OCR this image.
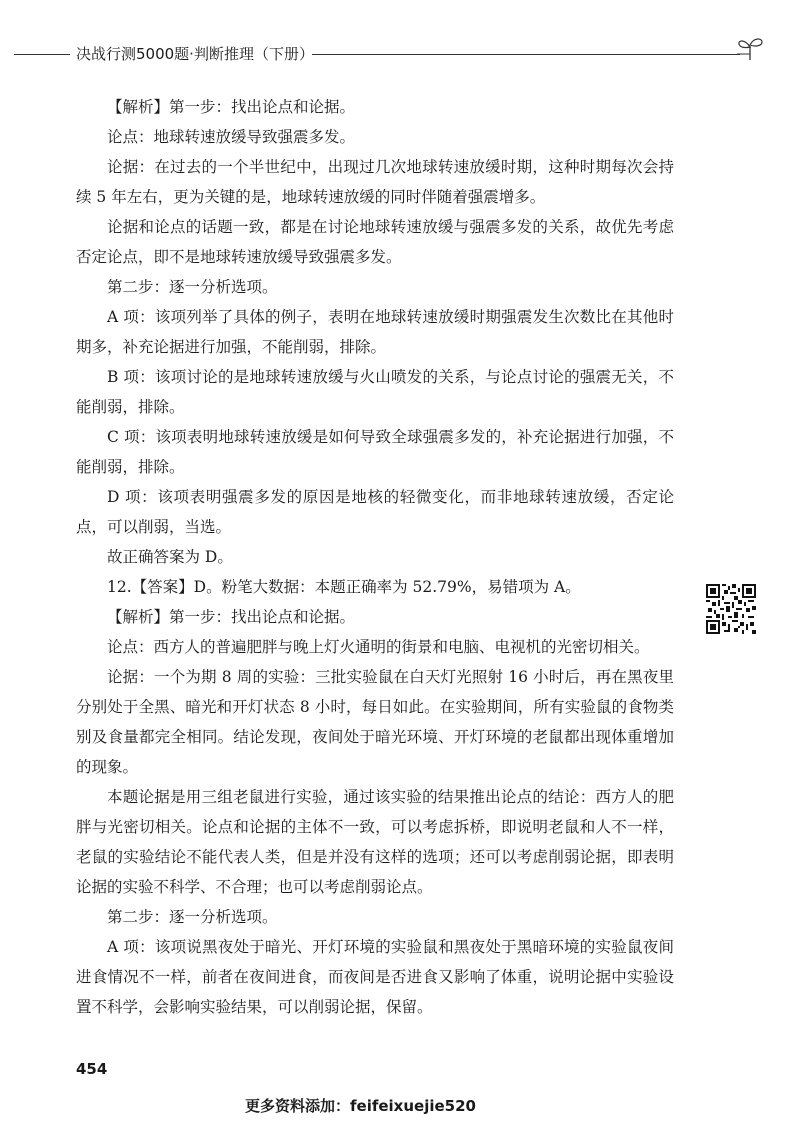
决战行测5000题·判断推理（下册）

【解析】第一步：找出论点和论据。

论点：地球转速放缓导致强震多发。

论据：在过去的一个半世纪中，出现过几次地球转速放缓时期，这种时期每次会持续 5 年左右，更为关键的是，地球转速放缓的同时伴随着强震增多。

论据和论点的话题一致，都是在讨论地球转速放缓与强震多发的关系，故优先考虑否定论点，即不是地球转速放缓导致强震多发。

第二步：逐一分析选项。

A 项：该项列举了具体的例子，表明在地球转速放缓时期强震发生次数比在其他时期多，补充论据进行加强，不能削弱，排除。

B 项：该项讨论的是地球转速放缓与火山喷发的关系，与论点讨论的强震无关，不能削弱，排除。

C 项：该项表明地球转速放缓是如何导致全球强震多发的，补充论据进行加强，不能削弱，排除。

D 项：该项表明强震多发的原因是地核的轻微变化，而非地球转速放缓，否定论点，可以削弱，当选。

故正确答案为 D。

12.【答案】D。粉笔大数据：本题正确率为 52.79%，易错项为 A。

【解析】第一步：找出论点和论据。

论点：西方人的普遍肥胖与晚上灯火通明的街景和电脑、电视机的光密切相关。

论据：一个为期 8 周的实验：三批实验鼠在白天灯光照射 16 小时后，再在黑夜里分别处于全黑、暗光和开灯状态 8 小时，每日如此。在实验期间，所有实验鼠的食物类别及食量都完全相同。结论发现，夜间处于暗光环境、开灯环境的老鼠都出现体重增加的现象。

本题论据是用三组老鼠进行实验，通过该实验的结果推出论点的结论：西方人的肥胖与光密切相关。论点和论据的主体不一致，可以考虑拆桥，即说明老鼠和人不一样，老鼠的实验结论不能代表人类，但是并没有这样的选项；还可以考虑削弱论据，即表明论据的实验不科学、不合理；也可以考虑削弱论点。

第二步：逐一分析选项。

A 项：该项说黑夜处于暗光、开灯环境的实验鼠和黑夜处于黑暗环境的实验鼠夜间进食情况不一样，前者在夜间进食，而夜间是否进食又影响了体重，说明论据中实验设置不科学，会影响实验结果，可以削弱论据，保留。

454
更多资料添加：feifeixuejie520
